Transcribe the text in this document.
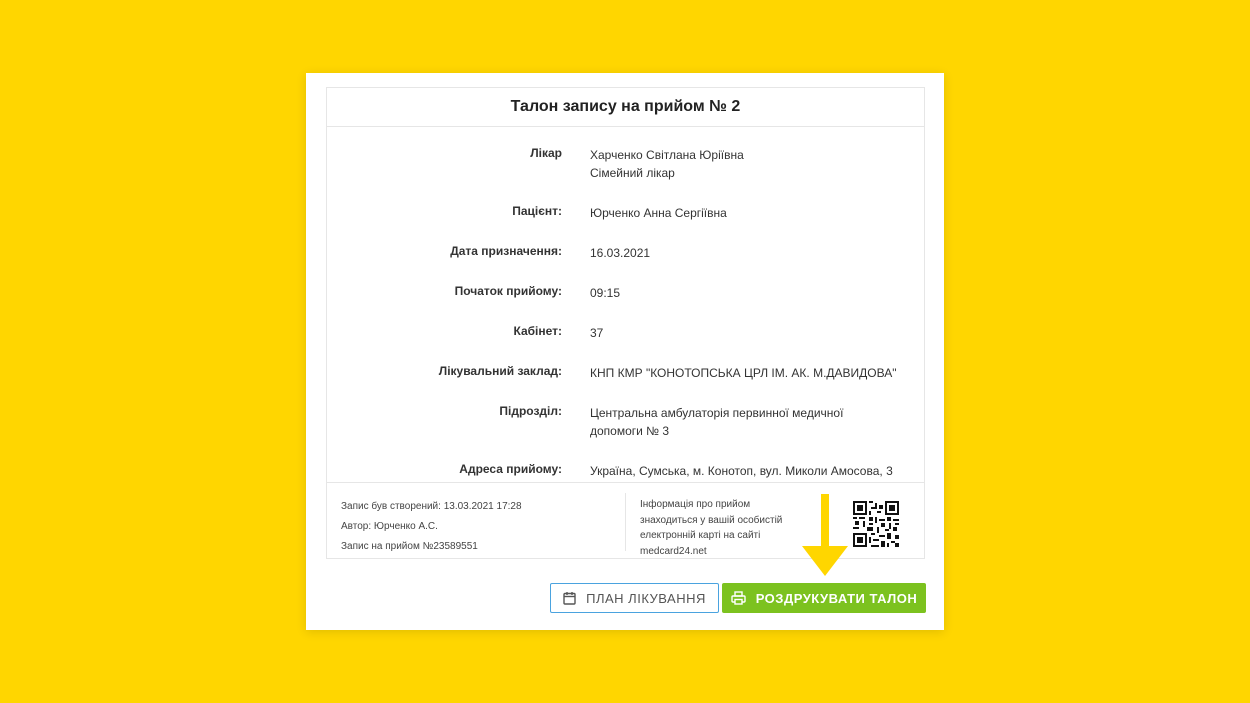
Талон запису на прийом № 2
Лікар Харченко Світлана Юріївна
Сімейний лікар
Пацієнт: Юрченко Анна Сергіївна
Дата призначення: 16.03.2021
Початок прийому: 09:15
Кабінет: 37
Лікувальний заклад: КНП КМР "КОНОТОПСЬКА ЦРЛ ІМ. АК. М.ДАВИДОВА"
Підрозділ: Центральна амбулаторія первинної медичної допомоги № 3
Адреса прийому: Україна, Сумська, м. Конотоп, вул. Миколи Амосова, 3
Запис був створений: 13.03.2021 17:28
Автор: Юрченко А.С.
Запис на прийом №23589551
Інформація про прийом знаходиться у вашій особистій електронній карті на сайті medcard24.net
ПЛАН ЛІКУВАННЯ	РОЗДРУКУВАТИ ТАЛОН
